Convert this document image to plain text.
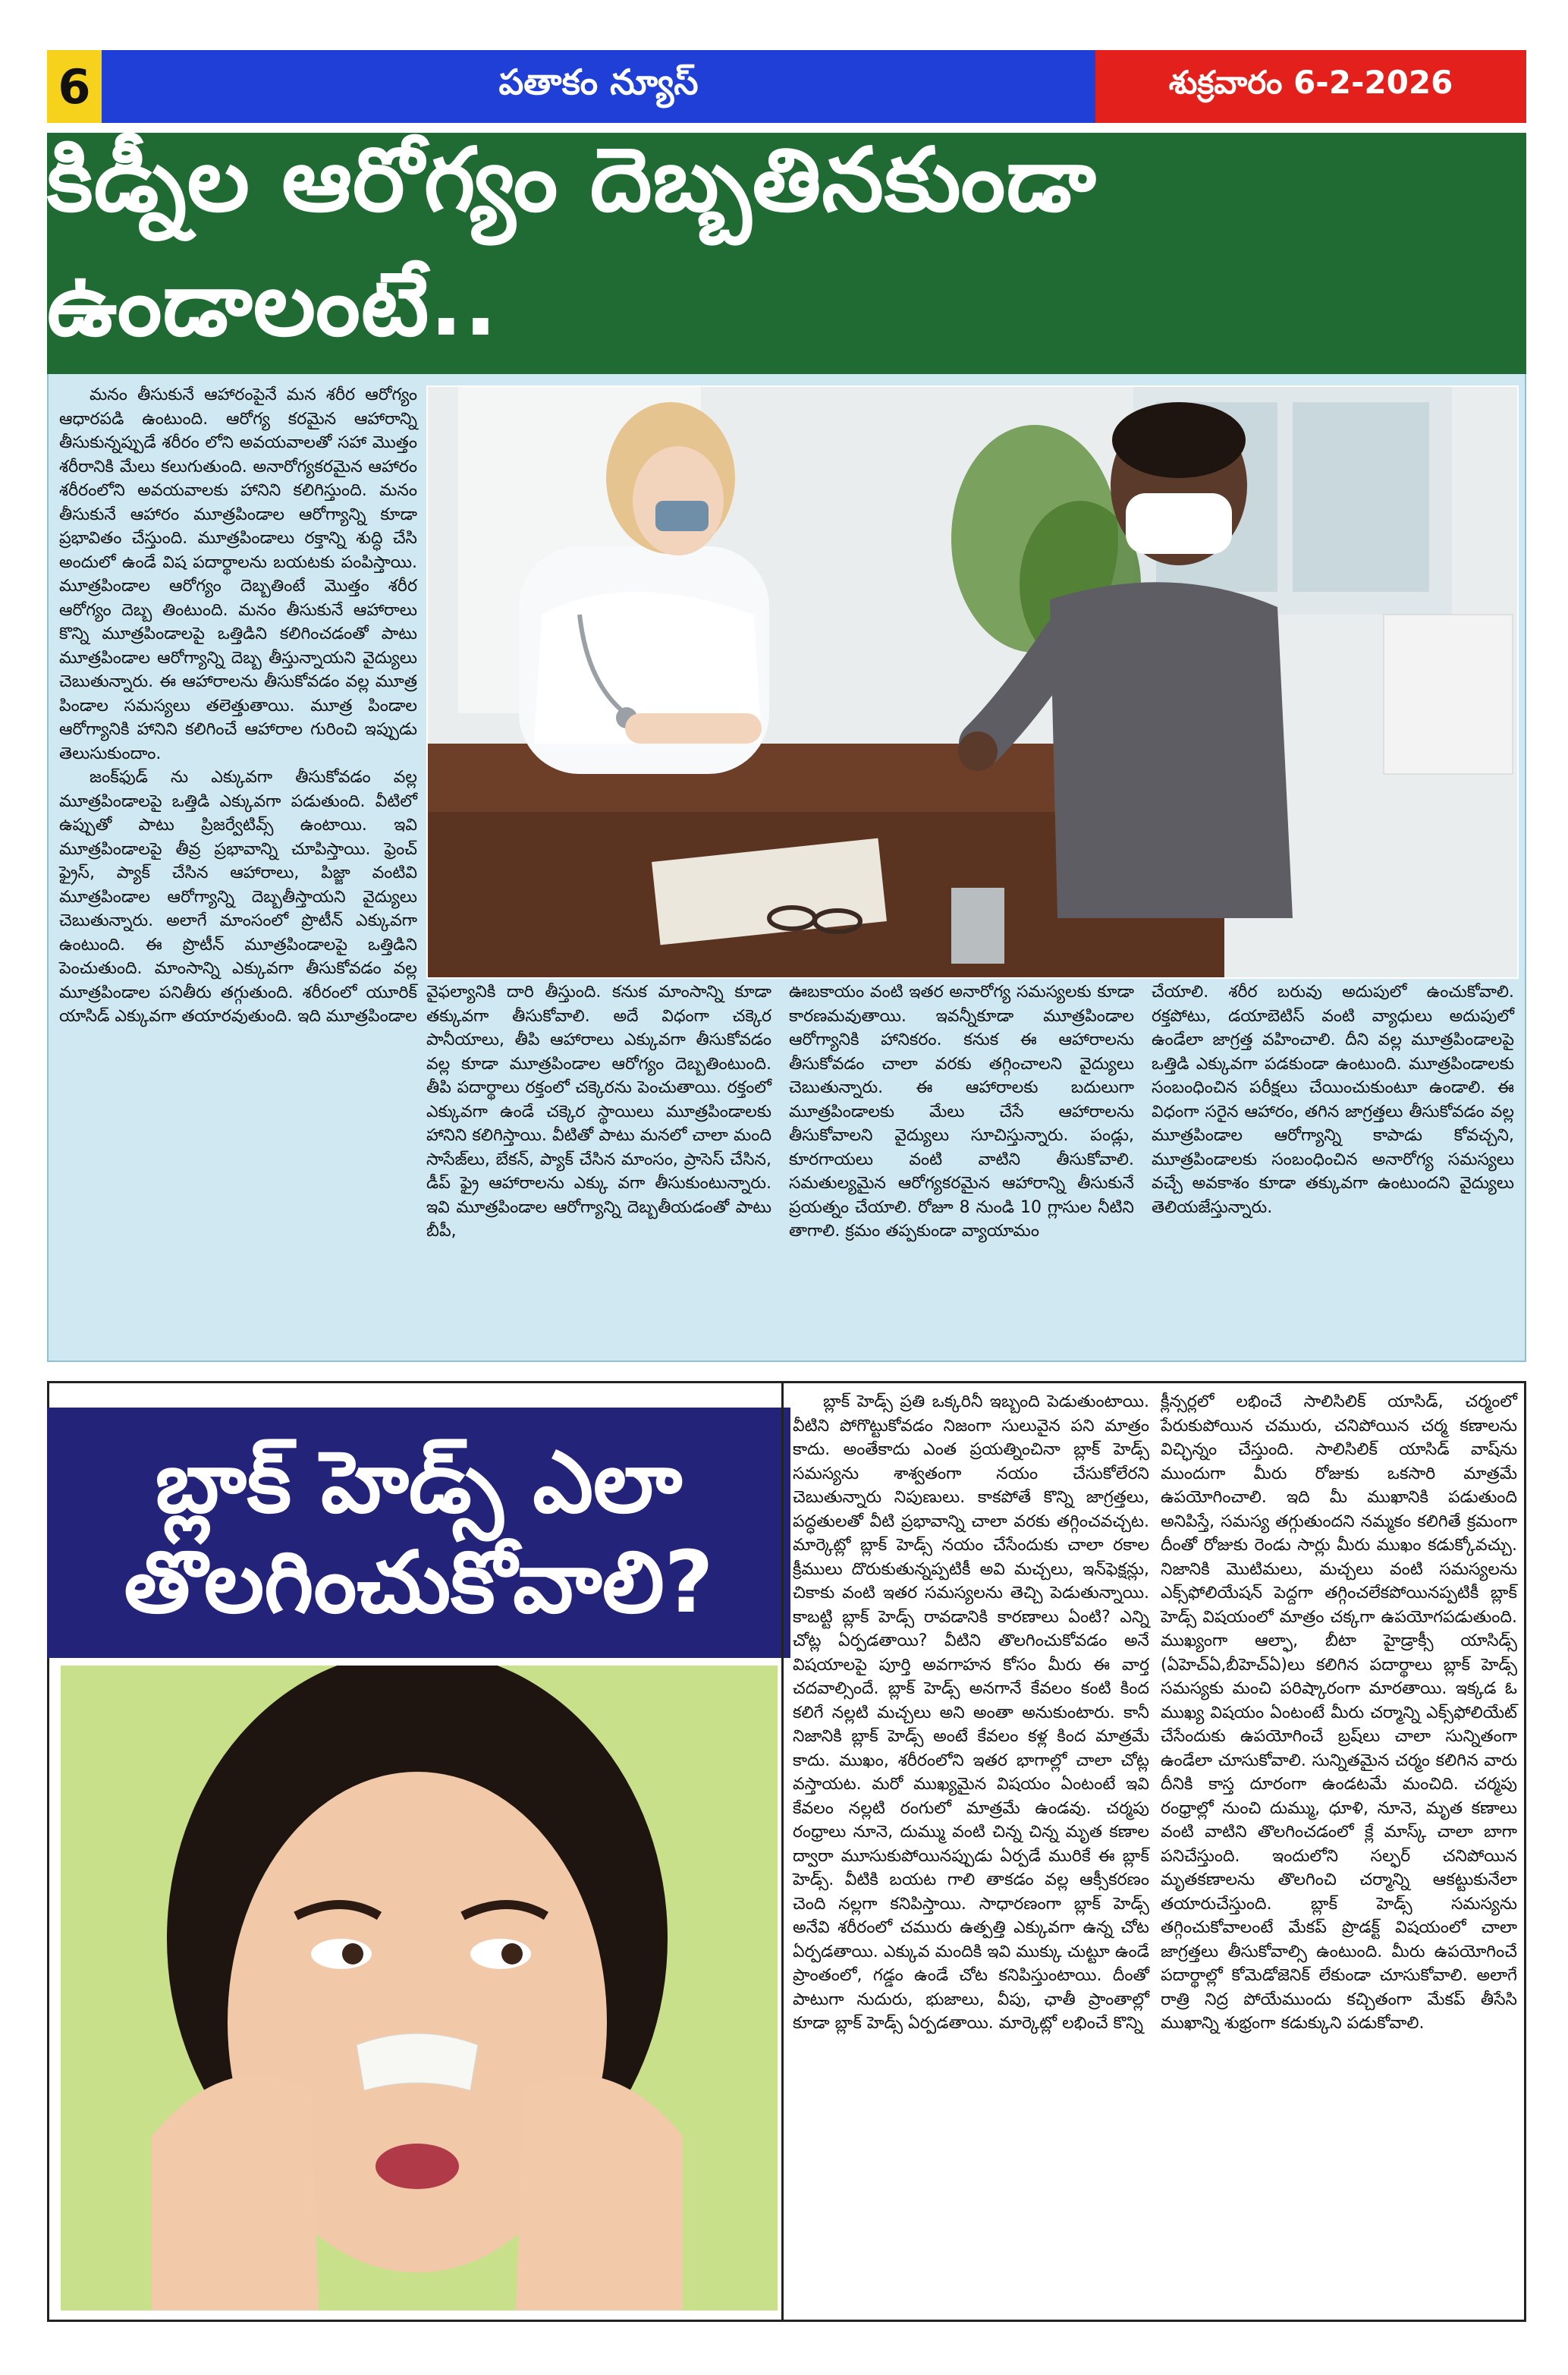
6	పతాకం న్యూస్	శుక్రవారం 6-2-2026
కిడ్నీల ఆరోగ్యం దెబ్బతినకుండా ఉండాలంటే..

మనం తీసుకునే ఆహారంపైనే మన శరీర ఆరోగ్యం ఆధారపడి ఉంటుంది. ఆరోగ్య కరమైన ఆహారాన్ని తీసుకున్నప్పుడే శరీరం లోని అవయవాలతో సహా మొత్తం శరీరానికి మేలు కలుగుతుంది. అనారోగ్యకరమైన ఆహారం శరీరంలోని అవయవాలకు హానిని కలిగిస్తుంది. మనం తీసుకునే ఆహారం మూత్రపిండాల ఆరోగ్యాన్ని కూడా ప్రభావితం చేస్తుంది. మూత్రపిండాలు రక్తాన్ని శుద్ధి చేసి అందులో ఉండే విష పదార్థాలను బయటకు పంపిస్తాయి. మూత్రపిండాల ఆరోగ్యం దెబ్బతింటే మొత్తం శరీర ఆరోగ్యం దెబ్బ తింటుంది. మనం తీసుకునే ఆహారాలు కొన్ని మూత్రపిండాలపై ఒత్తిడిని కలిగించడంతో పాటు మూత్రపిండాల ఆరోగ్యాన్ని దెబ్బ తీస్తున్నాయని వైద్యులు చెబుతున్నారు. ఈ ఆహారాలను తీసుకోవడం వల్ల మూత్ర పిండాల సమస్యలు తలెత్తుతాయి. మూత్ర పిండాల ఆరోగ్యానికి హానిని కలిగించే ఆహారాల గురించి ఇప్పుడు తెలుసుకుందాం.

జంక్‌ఫుడ్ ను ఎక్కువగా తీసుకోవడం వల్ల మూత్రపిండాలపై ఒత్తిడి ఎక్కువగా పడుతుంది. వీటిలో ఉప్పుతో పాటు ప్రిజర్వేటివ్స్ ఉంటాయి. ఇవి మూత్రపిండాలపై తీవ్ర ప్రభావాన్ని చూపిస్తాయి. ఫ్రెంచ్ ఫ్రైస్, ప్యాక్ చేసిన ఆహారాలు, పిజ్జా వంటివి మూత్రపిండాల ఆరోగ్యాన్ని దెబ్బతీస్తాయని వైద్యులు చెబుతున్నారు. అలాగే మాంసంలో ప్రొటీన్ ఎక్కువగా ఉంటుంది. ఈ ప్రొటీన్ మూత్రపిండాలపై ఒత్తిడిని పెంచుతుంది. మాంసాన్ని ఎక్కువగా తీసుకోవడం వల్ల మూత్రపిండాల పనితీరు తగ్గుతుంది. శరీరంలో యూరిక్ యాసిడ్ ఎక్కువగా తయారవుతుంది. ఇది మూత్రపిండాల

వైఫల్యానికి దారి తీస్తుంది. కనుక మాంసాన్ని కూడా తక్కువగా తీసుకోవాలి. అదే విధంగా చక్కెర పానీయాలు, తీపి ఆహారాలు ఎక్కువగా తీసుకోవడం వల్ల కూడా మూత్రపిండాల ఆరోగ్యం దెబ్బతింటుంది. తీపి పదార్థాలు రక్తంలో చక్కెరను పెంచుతాయి. రక్తంలో ఎక్కువగా ఉండే చక్కెర స్థాయిలు మూత్రపిండాలకు హానిని కలిగిస్తాయి. వీటితో పాటు మనలో చాలా మంది సాసేజ్‌లు, బేకన్, ప్యాక్ చేసిన మాంసం, ప్రాసెస్ చేసిన, డీప్ ఫ్రై ఆహారాలను ఎక్కు వగా తీసుకుంటున్నారు. ఇవి మూత్రపిండాల ఆరోగ్యాన్ని దెబ్బతీయడంతో పాటు బీపీ,

ఊబకాయం వంటి ఇతర అనారోగ్య సమస్యలకు కూడా కారణమవుతాయి. ఇవన్నీకూడా మూత్రపిండాల ఆరోగ్యానికి హానికరం. కనుక ఈ ఆహారాలను తీసుకోవడం చాలా వరకు తగ్గించాలని వైద్యులు చెబుతున్నారు. ఈ ఆహారాలకు బదులుగా మూత్రపిండాలకు మేలు చేసే ఆహారాలను తీసుకోవాలని వైద్యులు సూచిస్తున్నారు. పండ్లు, కూరగాయలు వంటి వాటిని తీసుకోవాలి. సమతుల్యమైన ఆరోగ్యకరమైన ఆహారాన్ని తీసుకునే ప్రయత్నం చేయాలి. రోజూ 8 నుండి 10 గ్లాసుల నీటిని తాగాలి. క్రమం తప్పకుండా వ్యాయామం

చేయాలి. శరీర బరువు అదుపులో ఉంచుకోవాలి. రక్తపోటు, డయాబెటిస్ వంటి వ్యాధులు అదుపులో ఉండేలా జాగ్రత్త వహించాలి. దీని వల్ల మూత్రపిండాలపై ఒత్తిడి ఎక్కువగా పడకుండా ఉంటుంది. మూత్రపిండాలకు సంబంధించిన పరీక్షలు చేయించుకుంటూ ఉండాలి. ఈ విధంగా సరైన ఆహారం, తగిన జాగ్రత్తలు తీసుకోవడం వల్ల మూత్రపిండాల ఆరోగ్యాన్ని కాపాడు కోవచ్చని, మూత్రపిండాలకు సంబంధించిన అనారోగ్య సమస్యలు వచ్చే అవకాశం కూడా తక్కువగా ఉంటుందని వైద్యులు తెలియజేస్తున్నారు.

బ్లాక్ హెడ్స్ ఎలా
తొలగించుకోవాలి?

బ్లాక్ హెడ్స్ ప్రతి ఒక్కరినీ ఇబ్బంది పెడుతుంటాయి. వీటిని పోగొట్టుకోవడం నిజంగా సులువైన పని మాత్రం కాదు. అంతేకాదు ఎంత ప్రయత్నించినా బ్లాక్ హెడ్స్ సమస్యను శాశ్వతంగా నయం చేసుకోలేరని చెబుతున్నారు నిపుణులు. కాకపోతే కొన్ని జాగ్రత్తలు, పద్ధతులతో వీటి ప్రభావాన్ని చాలా వరకు తగ్గించవచ్చట. మార్కెట్లో బ్లాక్ హెడ్స్ నయం చేసేందుకు చాలా రకాల క్రీములు దొరుకుతున్నప్పటికీ అవి మచ్చలు, ఇన్‌ఫెక్షన్లు, చికాకు వంటి ఇతర సమస్యలను తెచ్చి పెడుతున్నాయి. కాబట్టి బ్లాక్ హెడ్స్ రావడానికి కారణాలు ఏంటి? ఎన్ని చోట్ల ఏర్పడతాయి? వీటిని తొలగించుకోవడం అనే విషయాలపై పూర్తి అవగాహన కోసం మీరు ఈ వార్త చదవాల్సిందే. బ్లాక్ హెడ్స్ అనగానే కేవలం కంటి కింద కలిగే నల్లటి మచ్చలు అని అంతా అనుకుంటారు. కానీ నిజానికి బ్లాక్ హెడ్స్ అంటే కేవలం కళ్ల కింద మాత్రమే కాదు. ముఖం, శరీరంలోని ఇతర భాగాల్లో చాలా చోట్ల వస్తాయట. మరో ముఖ్యమైన విషయం ఏంటంటే ఇవి కేవలం నల్లటి రంగులో మాత్రమే ఉండవు. చర్మపు రంధ్రాలు నూనె, దుమ్ము వంటి చిన్న చిన్న మృత కణాల ద్వారా మూసుకుపోయినప్పుడు ఏర్పడే మురికే ఈ బ్లాక్ హెడ్స్. వీటికి బయట గాలి తాకడం వల్ల ఆక్సీకరణం చెంది నల్లగా కనిపిస్తాయి. సాధారణంగా బ్లాక్ హెడ్స్ అనేవి శరీరంలో చమురు ఉత్పత్తి ఎక్కువగా ఉన్న చోట ఏర్పడతాయి. ఎక్కువ మందికి ఇవి ముక్కు చుట్టూ ఉండే ప్రాంతంలో, గడ్డం ఉండే చోట కనిపిస్తుంటాయి. దీంతో పాటుగా నుదురు, భుజాలు, వీపు, ఛాతీ ప్రాంతాల్లో కూడా బ్లాక్ హెడ్స్ ఏర్పడతాయి. మార్కెట్లో లభించే కొన్ని

క్లీన్సర్లలో లభించే సాలిసిలిక్ యాసిడ్, చర్మంలో పేరుకుపోయిన చమురు, చనిపోయిన చర్మ కణాలను విచ్ఛిన్నం చేస్తుంది. సాలిసిలిక్ యాసిడ్ వాష్‌ను ముందుగా మీరు రోజుకు ఒకసారి మాత్రమే ఉపయోగించాలి. ఇది మీ ముఖానికి పడుతుంది అనిపిస్తే, సమస్య తగ్గుతుందని నమ్మకం కలిగితే క్రమంగా దీంతో రోజుకు రెండు సార్లు మీరు ముఖం కడుక్కోవచ్చు. నిజానికి మొటిమలు, మచ్చలు వంటి సమస్యలను ఎక్స్‌ఫోలియేషన్ పెద్దగా తగ్గించలేకపోయినప్పటికీ బ్లాక్ హెడ్స్ విషయంలో మాత్రం చక్కగా ఉపయోగపడుతుంది. ముఖ్యంగా ఆల్ఫా, బీటా హైడ్రాక్సీ యాసిడ్స్ (ఏహెచ్ఏ,బీహెచ్ఏ)లు కలిగిన పదార్థాలు బ్లాక్ హెడ్స్ సమస్యకు మంచి పరిష్కారంగా మారతాయి. ఇక్కడ ఓ ముఖ్య విషయం ఏంటంటే మీరు చర్మాన్ని ఎక్స్‌ఫోలియేట్ చేసేందుకు ఉపయోగించే బ్రష్‌లు చాలా సున్నితంగా ఉండేలా చూసుకోవాలి. సున్నితమైన చర్మం కలిగిన వారు దీనికి కాస్త దూరంగా ఉండటమే మంచిది. చర్మపు రంధ్రాల్లో నుంచి దుమ్ము, ధూళి, నూనె, మృత కణాలు వంటి వాటిని తొలగించడంలో క్లే మాస్క్ చాలా బాగా పనిచేస్తుంది. ఇందులోని సల్ఫర్ చనిపోయిన మృతకణాలను తొలగించి చర్మాన్ని ఆకట్టుకునేలా తయారుచేస్తుంది. బ్లాక్ హెడ్స్ సమస్యను తగ్గించుకోవాలంటే మేకప్ ప్రొడక్ట్ విషయంలో చాలా జాగ్రత్తలు తీసుకోవాల్సి ఉంటుంది. మీరు ఉపయోగించే పదార్థాల్లో కోమెడోజెనిక్ లేకుండా చూసుకోవాలి. అలాగే రాత్రి నిద్ర పోయేముందు కచ్చితంగా మేకప్ తీసేసి ముఖాన్ని శుభ్రంగా కడుక్కుని పడుకోవాలి.
